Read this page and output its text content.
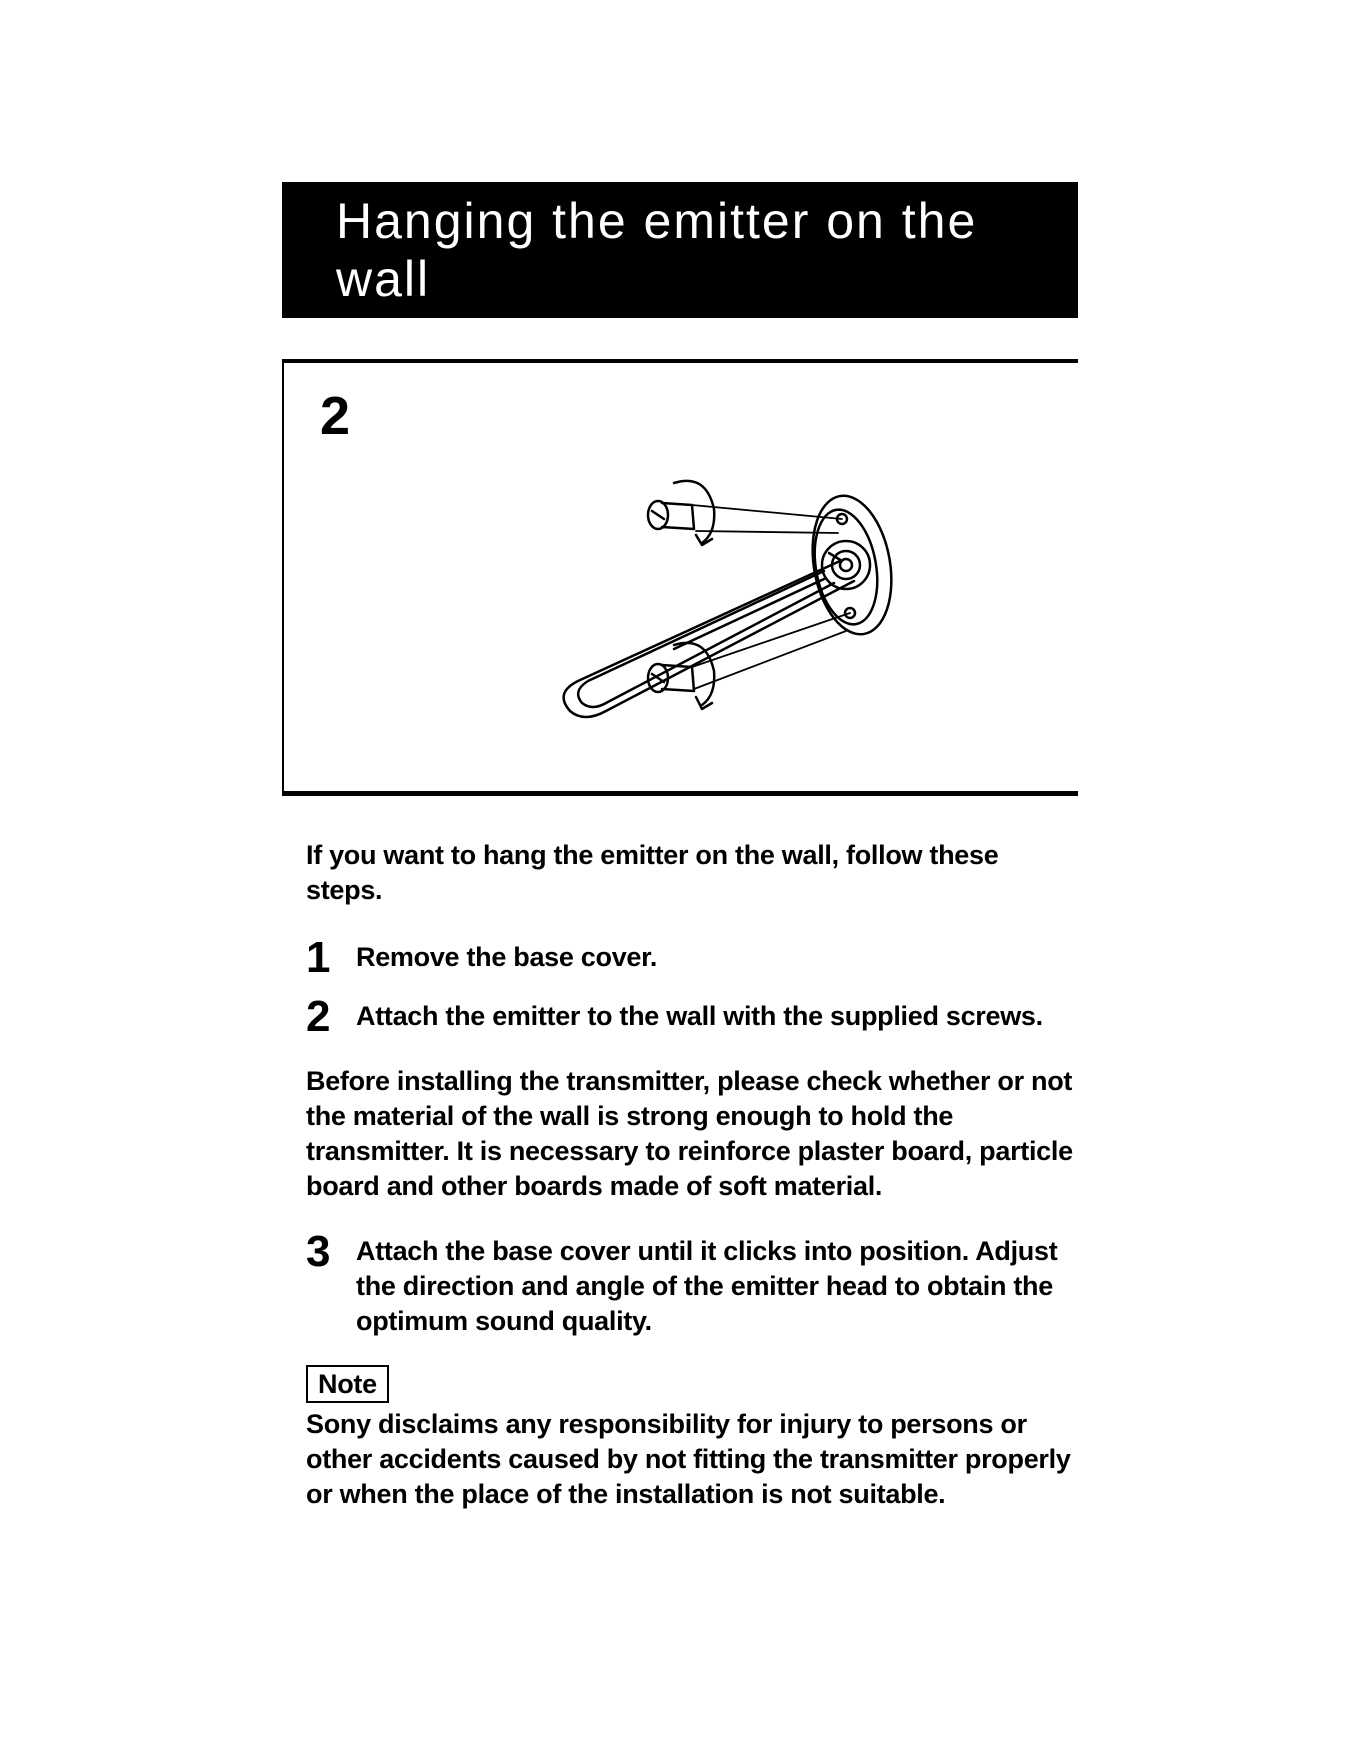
Hanging the emitter on the
wall
2

If you want to hang the emitter on the wall, follow these steps.

1 Remove the base cover.
2 Attach the emitter to the wall with the supplied screws.

Before installing the transmitter, please check whether or not the material of the wall is strong enough to hold the transmitter. It is necessary to reinforce plaster board, particle board and other boards made of soft material.

3 Attach the base cover until it clicks into position. Adjust the direction and angle of the emitter head to obtain the optimum sound quality.
Note

Sony disclaims any responsibility for injury to persons or other accidents caused by not fitting the transmitter properly or when the place of the installation is not suitable.
